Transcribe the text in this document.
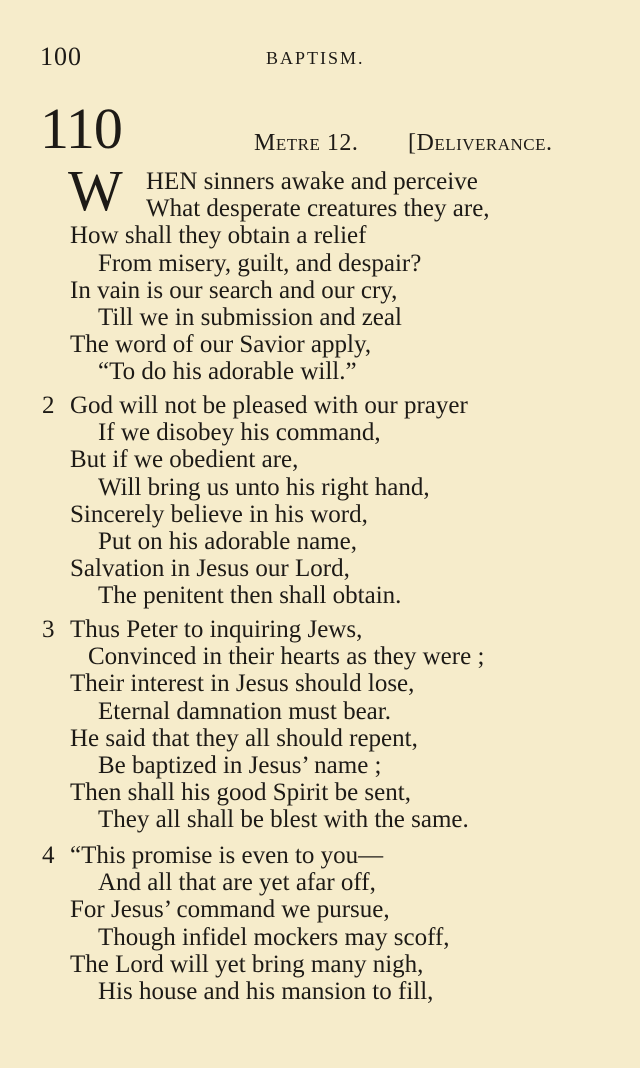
100	BAPTISM.
110	Metre 12. [Deliverance.
W HEN sinners awake and perceive
What desperate creatures they are,
How shall they obtain a relief
From misery, guilt, and despair?
In vain is our search and our cry,
Till we in submission and zeal
The word of our Savior apply,
“To do his adorable will.”
2 God will not be pleased with our prayer
If we disobey his command,
But if we obedient are,
Will bring us unto his right hand,
Sincerely believe in his word,
Put on his adorable name,
Salvation in Jesus our Lord,
The penitent then shall obtain.
3 Thus Peter to inquiring Jews,
Convinced in their hearts as they were ;
Their interest in Jesus should lose,
Eternal damnation must bear.
He said that they all should repent,
Be baptized in Jesus’ name ;
Then shall his good Spirit be sent,
They all shall be blest with the same.
4 “This promise is even to you—
And all that are yet afar off,
For Jesus’ command we pursue,
Though infidel mockers may scoff,
The Lord will yet bring many nigh,
His house and his mansion to fill,
